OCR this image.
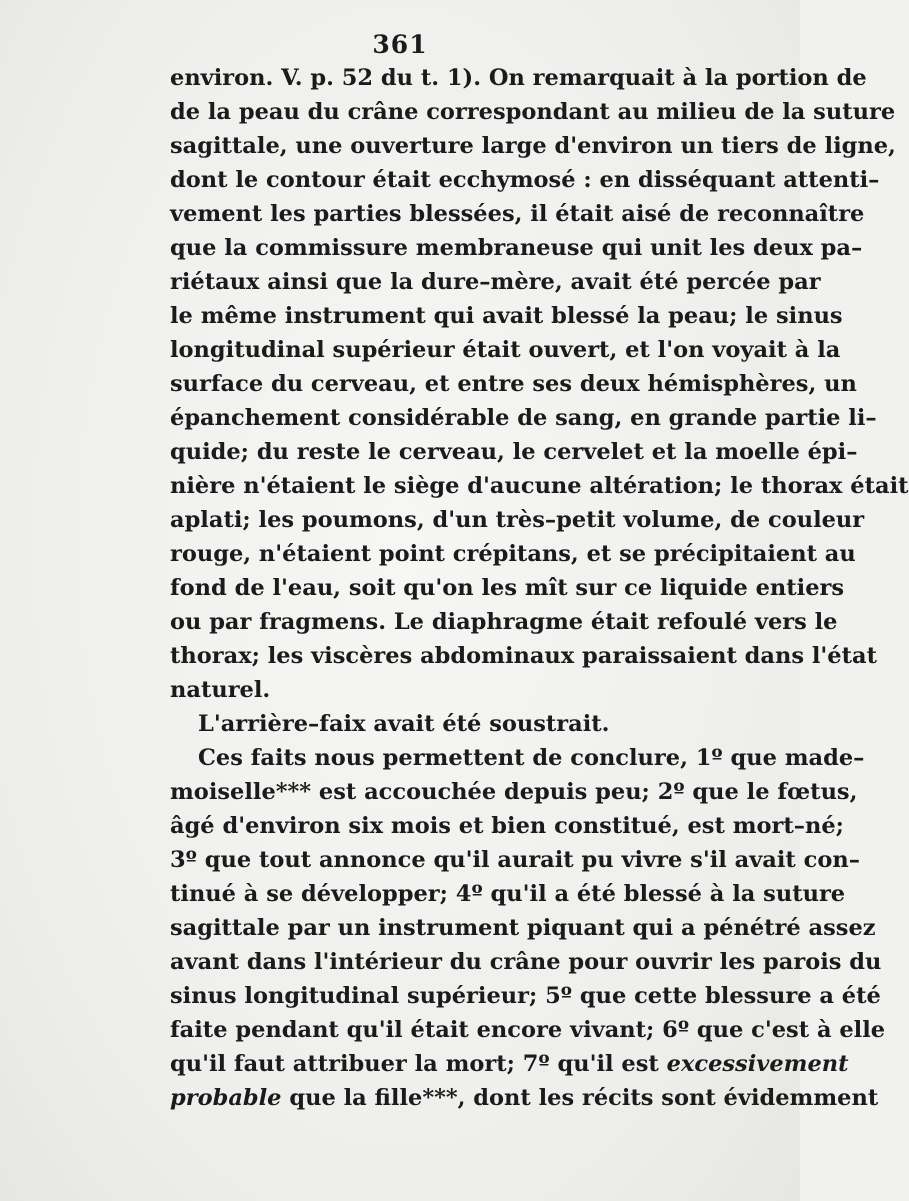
361
environ. V. p. 52 du t. 1). On remarquait à la portion de
de la peau du crâne correspondant au milieu de la suture
sagittale, une ouverture large d'environ un tiers de ligne,
dont le contour était ecchymosé : en disséquant attenti–
vement les parties blessées, il était aisé de reconnaître
que la commissure membraneuse qui unit les deux pa–
riétaux ainsi que la dure–mère, avait été percée par
le même instrument qui avait blessé la peau; le sinus
longitudinal supérieur était ouvert, et l'on voyait à la
surface du cerveau, et entre ses deux hémisphères, un
épanchement considérable de sang, en grande partie li–
quide; du reste le cerveau, le cervelet et la moelle épi–
nière n'étaient le siège d'aucune altération; le thorax était
aplati; les poumons, d'un très–petit volume, de couleur
rouge, n'étaient point crépitans, et se précipitaient au
fond de l'eau, soit qu'on les mît sur ce liquide entiers
ou par fragmens. Le diaphragme était refoulé vers le
thorax; les viscères abdominaux paraissaient dans l'état
naturel.
L'arrière–faix avait été soustrait.
Ces faits nous permettent de conclure, 1º que made–
moiselle*** est accouchée depuis peu; 2º que le fœtus,
âgé d'environ six mois et bien constitué, est mort–né;
3º que tout annonce qu'il aurait pu vivre s'il avait con–
tinué à se développer; 4º qu'il a été blessé à la suture
sagittale par un instrument piquant qui a pénétré assez
avant dans l'intérieur du crâne pour ouvrir les parois du
sinus longitudinal supérieur; 5º que cette blessure a été
faite pendant qu'il était encore vivant; 6º que c'est à elle
qu'il faut attribuer la mort; 7º qu'il est excessivement
probable que la fille***, dont les récits sont évidemment
